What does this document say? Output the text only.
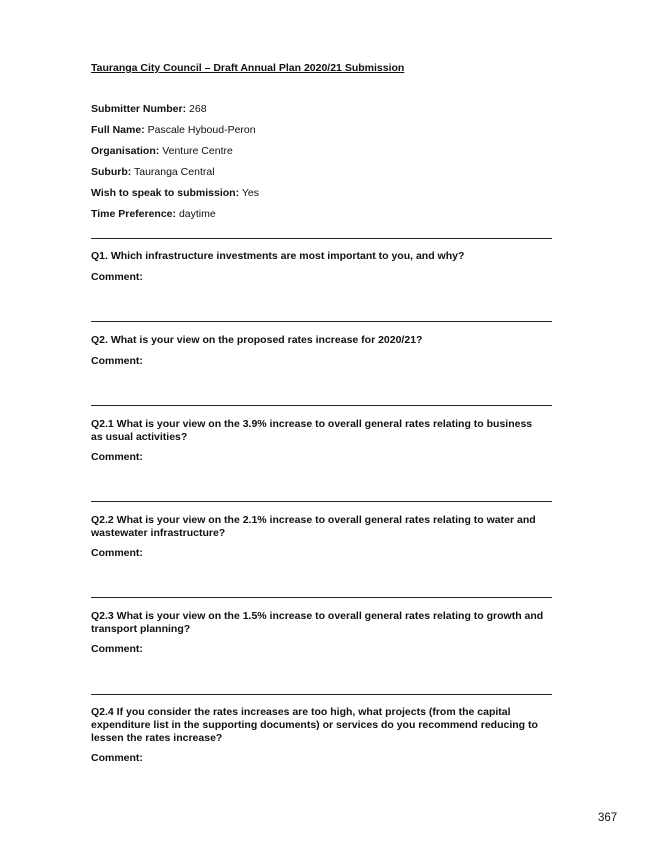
Tauranga City Council – Draft Annual Plan 2020/21 Submission
Submitter Number: 268
Full Name: Pascale Hyboud-Peron
Organisation: Venture Centre
Suburb: Tauranga Central
Wish to speak to submission: Yes
Time Preference: daytime
Q1. Which infrastructure investments are most important to you, and why?
Comment:
Q2. What is your view on the proposed rates increase for 2020/21?
Comment:
Q2.1 What is your view on the 3.9% increase to overall general rates relating to business as usual activities?
Comment:
Q2.2 What is your view on the 2.1% increase to overall general rates relating to water and wastewater infrastructure?
Comment:
Q2.3 What is your view on the 1.5% increase to overall general rates relating to growth and transport planning?
Comment:
Q2.4 If you consider the rates increases are too high, what projects (from the capital expenditure list in the supporting documents) or services do you recommend reducing to lessen the rates increase?
Comment:
367
